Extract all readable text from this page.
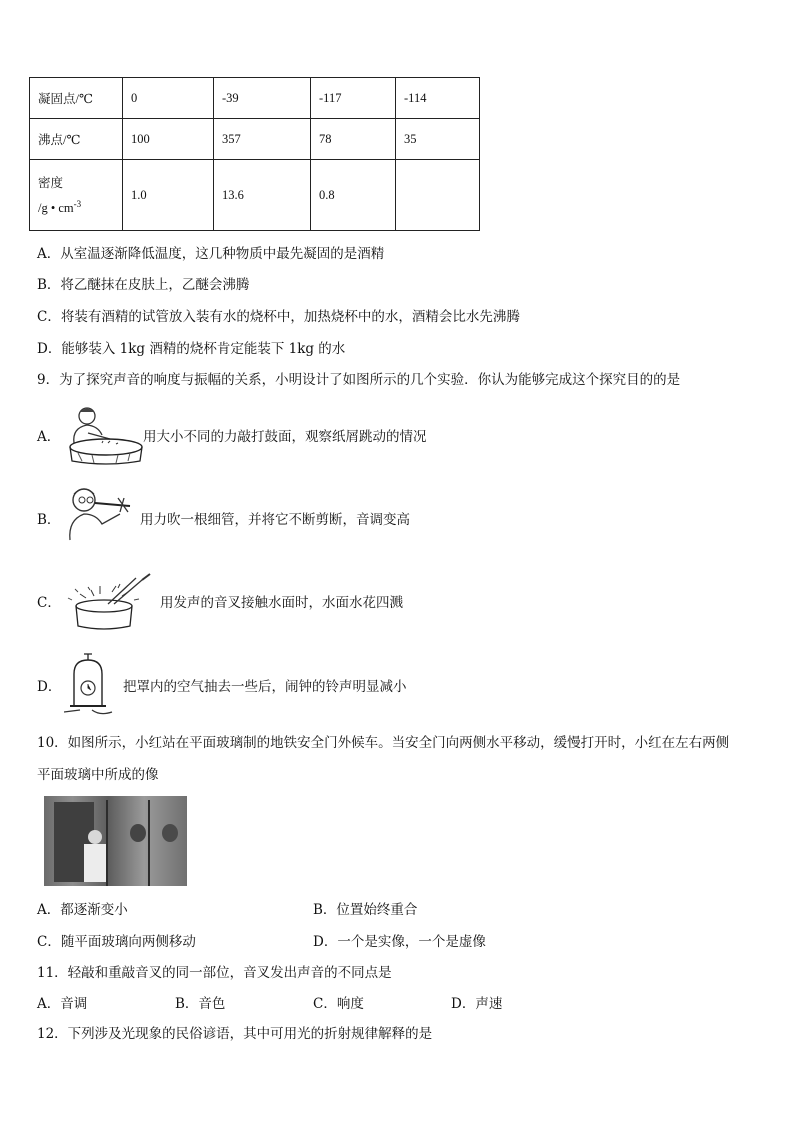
凝固点/℃	0	-39	-117	-114
沸点/℃	100	357	78	35

密度
/g • $cm^{-3}$	1.0	13.6	0.8	
A．从室温逐渐降低温度，这几种物质中最先凝固的是酒精
B．将乙醚抹在皮肤上，乙醚会沸腾
C．将装有酒精的试管放入装有水的烧杯中，加热烧杯中的水，酒精会比水先沸腾
D．能够装入 1kg 酒精的烧杯肯定能装下 1kg 的水
9．为了探究声音的响度与振幅的关系，小明设计了如图所示的几个实验．你认为能够完成这个探究目的的是
A．	用大小不同的力敲打鼓面，观察纸屑跳动的情况
B．	用力吹一根细管，并将它不断剪断，音调变高
C．	用发声的音叉接触水面时，水面水花四溅
D．	把罩内的空气抽去一些后，闹钟的铃声明显减小
10．如图所示，小红站在平面玻璃制的地铁安全门外候车。当安全门向两侧水平移动，缓慢打开时，小红在左右两侧
平面玻璃中所成的像
A．都逐渐变小	B．位置始终重合
C．随平面玻璃向两侧移动	D．一个是实像，一个是虚像
11．轻敲和重敲音叉的同一部位，音叉发出声音的不同点是
A．音调	B．音色	C．响度	D．声速
12．下列涉及光现象的民俗谚语，其中可用光的折射规律解释的是
